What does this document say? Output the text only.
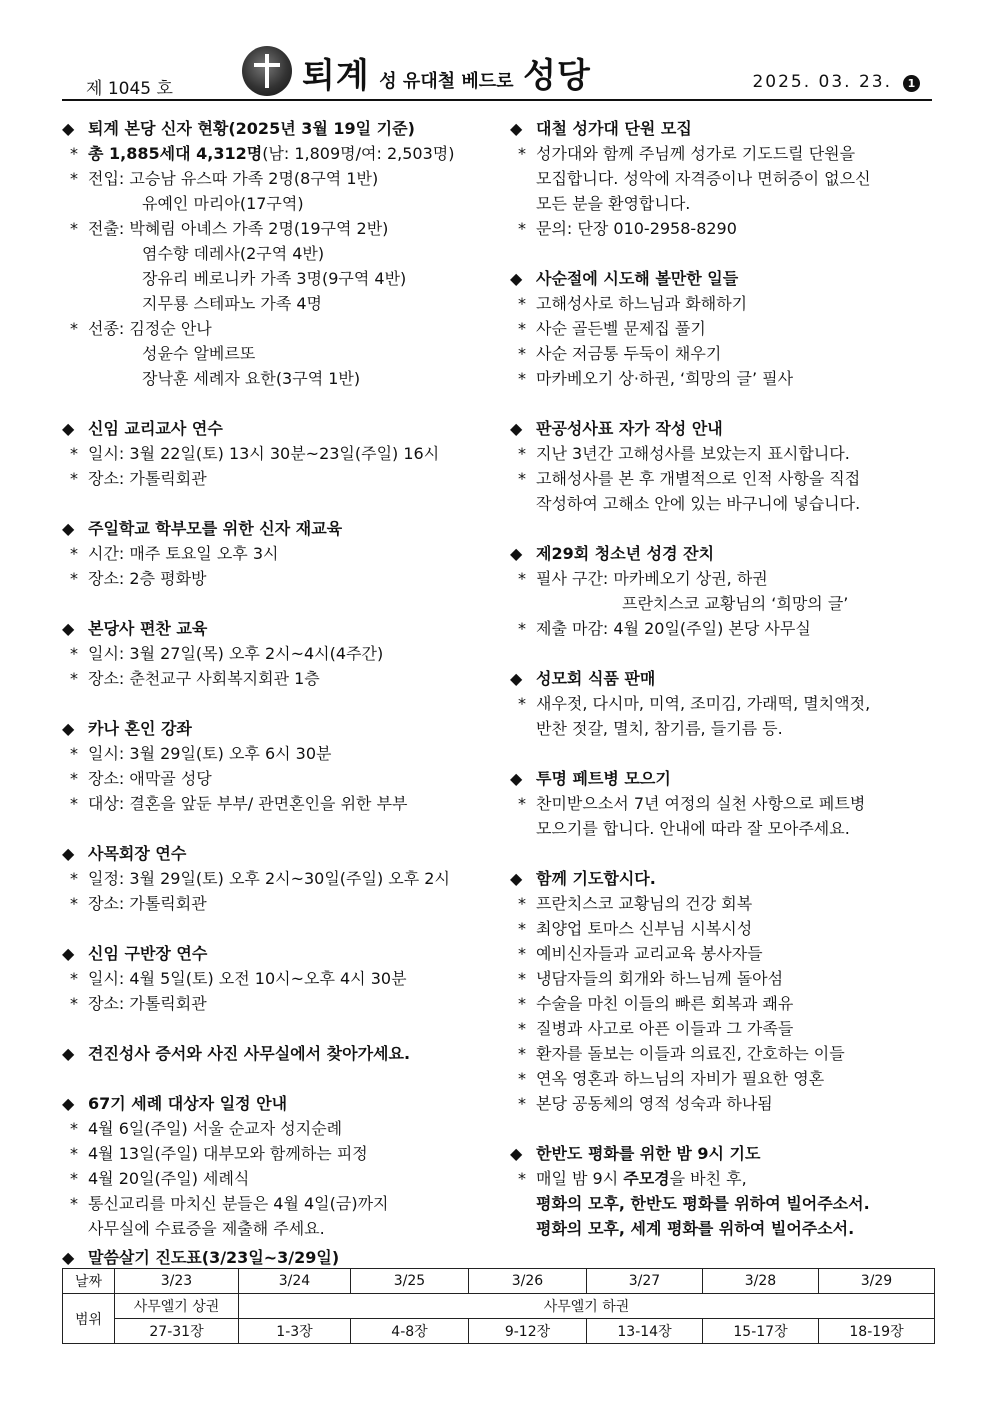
제 1045 호	퇴계 성 유대철 베드로 성당	2025. 03. 23.	1
◆ 퇴계 본당 신자 현황(2025년 3월 19일 기준)
* 총 1,885세대 4,312명(남: 1,809명/여: 2,503명)
* 전입: 고승남 유스따 가족 2명(8구역 1반)
유예인 마리아(17구역)
* 전출: 박혜림 아녜스 가족 2명(19구역 2반)
염수향 데레사(2구역 4반)
장유리 베로니카 가족 3명(9구역 4반)
지무룡 스테파노 가족 4명
* 선종: 김정순 안나
성윤수 알베르또
장낙훈 세례자 요한(3구역 1반)
◆ 신임 교리교사 연수
* 일시: 3월 22일(토) 13시 30분~23일(주일) 16시
* 장소: 가톨릭회관
◆ 주일학교 학부모를 위한 신자 재교육
* 시간: 매주 토요일 오후 3시
* 장소: 2층 평화방
◆ 본당사 편찬 교육
* 일시: 3월 27일(목) 오후 2시~4시(4주간)
* 장소: 춘천교구 사회복지회관 1층
◆ 카나 혼인 강좌
* 일시: 3월 29일(토) 오후 6시 30분
* 장소: 애막골 성당
* 대상: 결혼을 앞둔 부부/ 관면혼인을 위한 부부
◆ 사목회장 연수
* 일정: 3월 29일(토) 오후 2시~30일(주일) 오후 2시
* 장소: 가톨릭회관
◆ 신임 구반장 연수
* 일시: 4월 5일(토) 오전 10시~오후 4시 30분
* 장소: 가톨릭회관
◆ 견진성사 증서와 사진 사무실에서 찾아가세요.
◆ 67기 세례 대상자 일정 안내
* 4월 6일(주일) 서울 순교자 성지순례
* 4월 13일(주일) 대부모와 함께하는 피정
* 4월 20일(주일) 세례식
* 통신교리를 마치신 분들은 4월 4일(금)까지
사무실에 수료증을 제출해 주세요.
◆ 대철 성가대 단원 모집
* 성가대와 함께 주님께 성가로 기도드릴 단원을
모집합니다. 성악에 자격증이나 면허증이 없으신
모든 분을 환영합니다.
* 문의: 단장 010-2958-8290
◆ 사순절에 시도해 볼만한 일들
* 고해성사로 하느님과 화해하기
* 사순 골든벨 문제집 풀기
* 사순 저금통 두둑이 채우기
* 마카베오기 상·하권, ‘희망의 글’ 필사
◆ 판공성사표 자가 작성 안내
* 지난 3년간 고해성사를 보았는지 표시합니다.
* 고해성사를 본 후 개별적으로 인적 사항을 직접
작성하여 고해소 안에 있는 바구니에 넣습니다.
◆ 제29회 청소년 성경 잔치
* 필사 구간: 마카베오기 상권, 하권
프란치스코 교황님의 ‘희망의 글’
* 제출 마감: 4월 20일(주일) 본당 사무실
◆ 성모회 식품 판매
* 새우젓, 다시마, 미역, 조미김, 가래떡, 멸치액젓,
반찬 젓갈, 멸치, 참기름, 들기름 등.
◆ 투명 페트병 모으기
* 찬미받으소서 7년 여정의 실천 사항으로 페트병
모으기를 합니다. 안내에 따라 잘 모아주세요.
◆ 함께 기도합시다.
* 프란치스코 교황님의 건강 회복
* 최양업 토마스 신부님 시복시성
* 예비신자들과 교리교육 봉사자들
* 냉담자들의 회개와 하느님께 돌아섬
* 수술을 마친 이들의 빠른 회복과 쾌유
* 질병과 사고로 아픈 이들과 그 가족들
* 환자를 돌보는 이들과 의료진, 간호하는 이들
* 연옥 영혼과 하느님의 자비가 필요한 영혼
* 본당 공동체의 영적 성숙과 하나됨
◆ 한반도 평화를 위한 밤 9시 기도
* 매일 밤 9시 주모경을 바친 후,
평화의 모후, 한반도 평화를 위하여 빌어주소서.
평화의 모후, 세계 평화를 위하여 빌어주소서.
◆ 말씀살기 진도표(3/23일~3/29일)
날짜	3/23	3/24	3/25	3/26	3/27	3/28	3/29
범위	사무엘기 상권	사무엘기 하권					
	27-31장	1-3장	4-8장	9-12장	13-14장	15-17장	18-19장
